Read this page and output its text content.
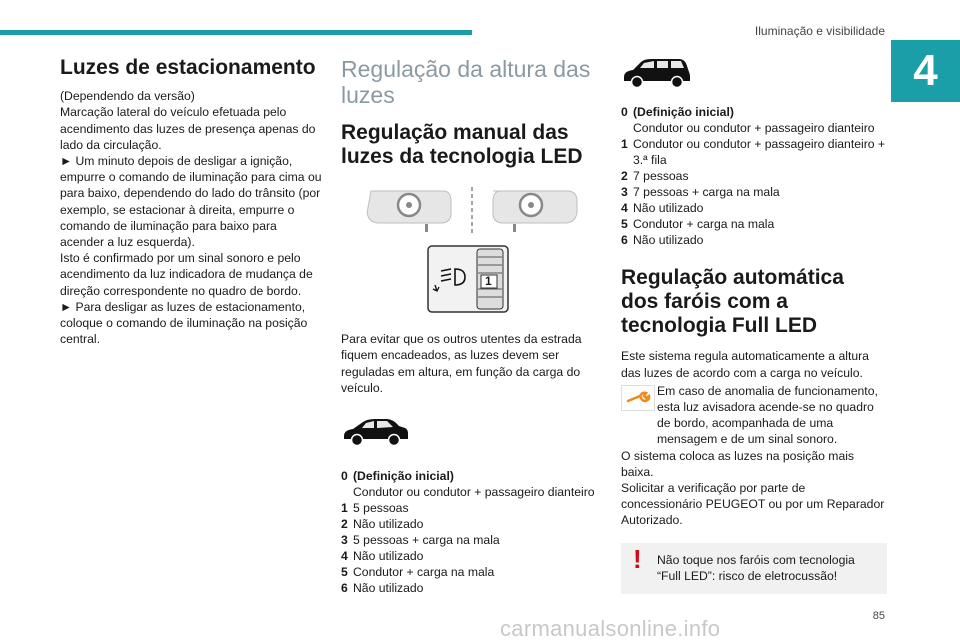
Iluminação e visibilidade
4
Luzes de estacionamento

(Dependendo da versão)
Marcação lateral do veículo efetuada pelo acendimento das luzes de presença apenas do lado da circulação.

► Um minuto depois de desligar a ignição, empurre o comando de iluminação para cima ou para baixo, dependendo do lado do trânsito (por exemplo, se estacionar à direita, empurre o comando de iluminação para baixo para acender a luz esquerda).

Isto é confirmado por um sinal sonoro e pelo acendimento da luz indicadora de mudança de direção correspondente no quadro de bordo.

► Para desligar as luzes de estacionamento, coloque o comando de iluminação na posição central.

Regulação da altura das luzes
Regulação manual das luzes da tecnologia LED
1

Para evitar que os outros utentes da estrada fiquem encadeados, as luzes devem ser reguladas em altura, em função da carga do veículo.

0 (Definição inicial)
Condutor ou condutor + passageiro dianteiro
1 5 pessoas
2 Não utilizado
3 5 pessoas + carga na mala
4 Não utilizado
5 Condutor + carga na mala
6 Não utilizado
0 (Definição inicial)
Condutor ou condutor + passageiro dianteiro
1 Condutor ou condutor + passageiro dianteiro + 3.ª fila
2 7 pessoas
3 7 pessoas + carga na mala
4 Não utilizado
5 Condutor + carga na mala
6 Não utilizado
Regulação automática dos faróis com a tecnologia Full LED

Este sistema regula automaticamente a altura das luzes de acordo com a carga no veículo.

Em caso de anomalia de funcionamento, esta luz avisadora acende-se no quadro de bordo, acompanhada de uma mensagem e de um sinal sonoro.

O sistema coloca as luzes na posição mais baixa.

Solicitar a verificação por parte de concessionário PEUGEOT ou por um Reparador Autorizado.

! Não toque nos faróis com tecnologia “Full LED”: risco de eletrocussão!
85
carmanualsonline.info
